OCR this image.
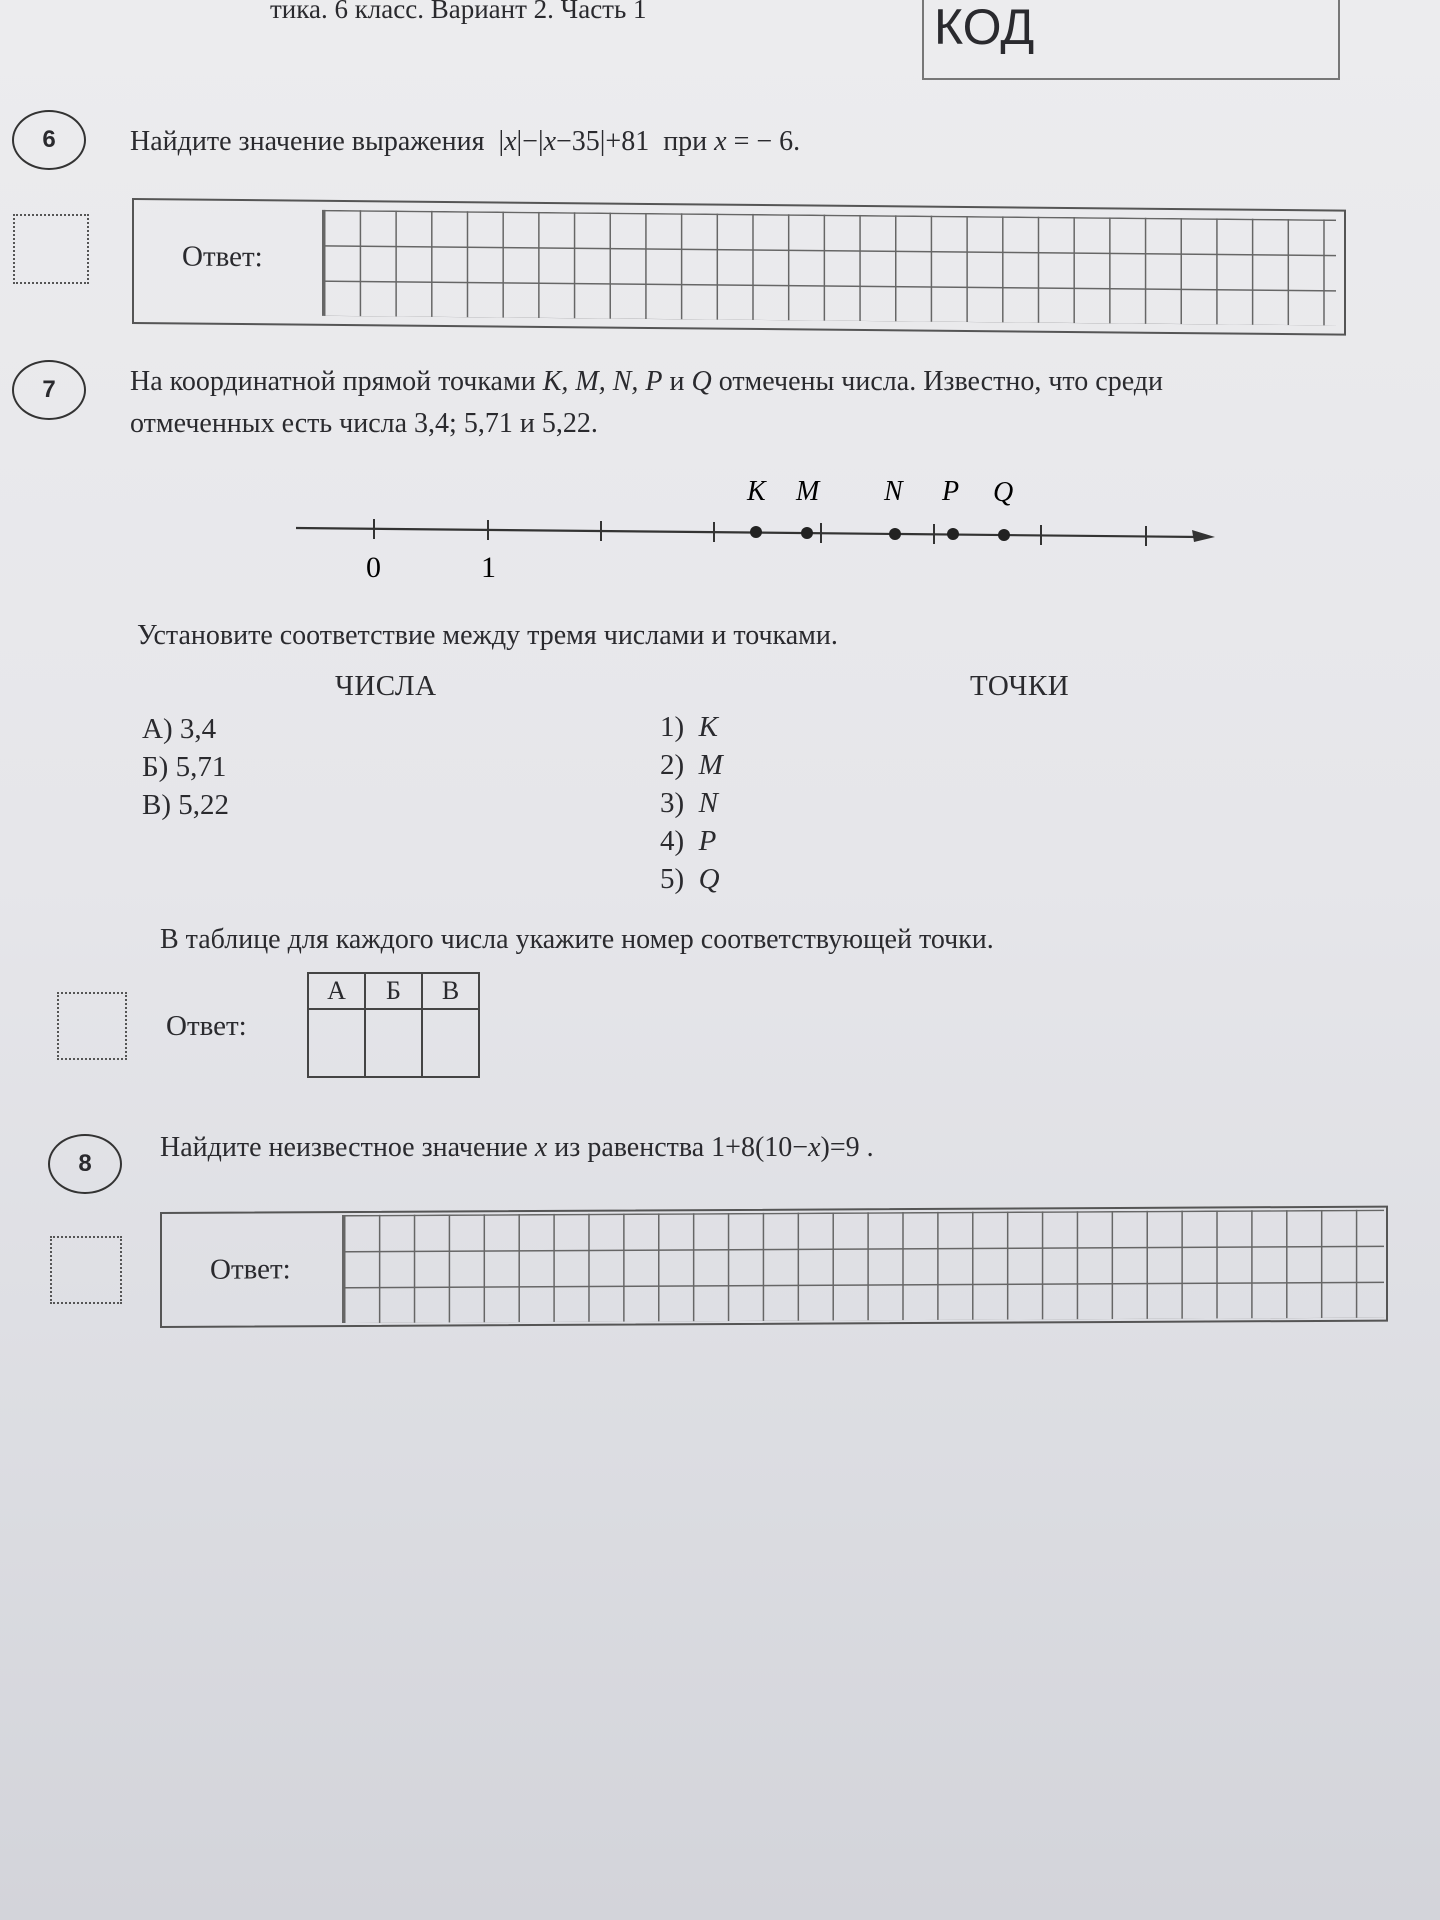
тика. 6 класс. Вариант 2. Часть 1	КОД
6	Найдите значение выражения |x|−|x−35|+81 при x = − 6.
Ответ:
7	На координатной прямой точками K, M, N, P и Q отмечены числа. Известно, что среди
отмеченных есть числа 3,4; 5,71 и 5,22.
0	1
K M N P Q
Установите соответствие между тремя числами и точками.
ЧИСЛА	ТОЧКИ
А) 3,4
Б) 5,71
В) 5,22
1) K
2) M
3) N
4) P
5) Q
В таблице для каждого числа укажите номер соответствующей точки.
Ответ:
А	Б	В

8
Найдите неизвестное значение x из равенства 1+8(10−x)=9 .
Ответ:
